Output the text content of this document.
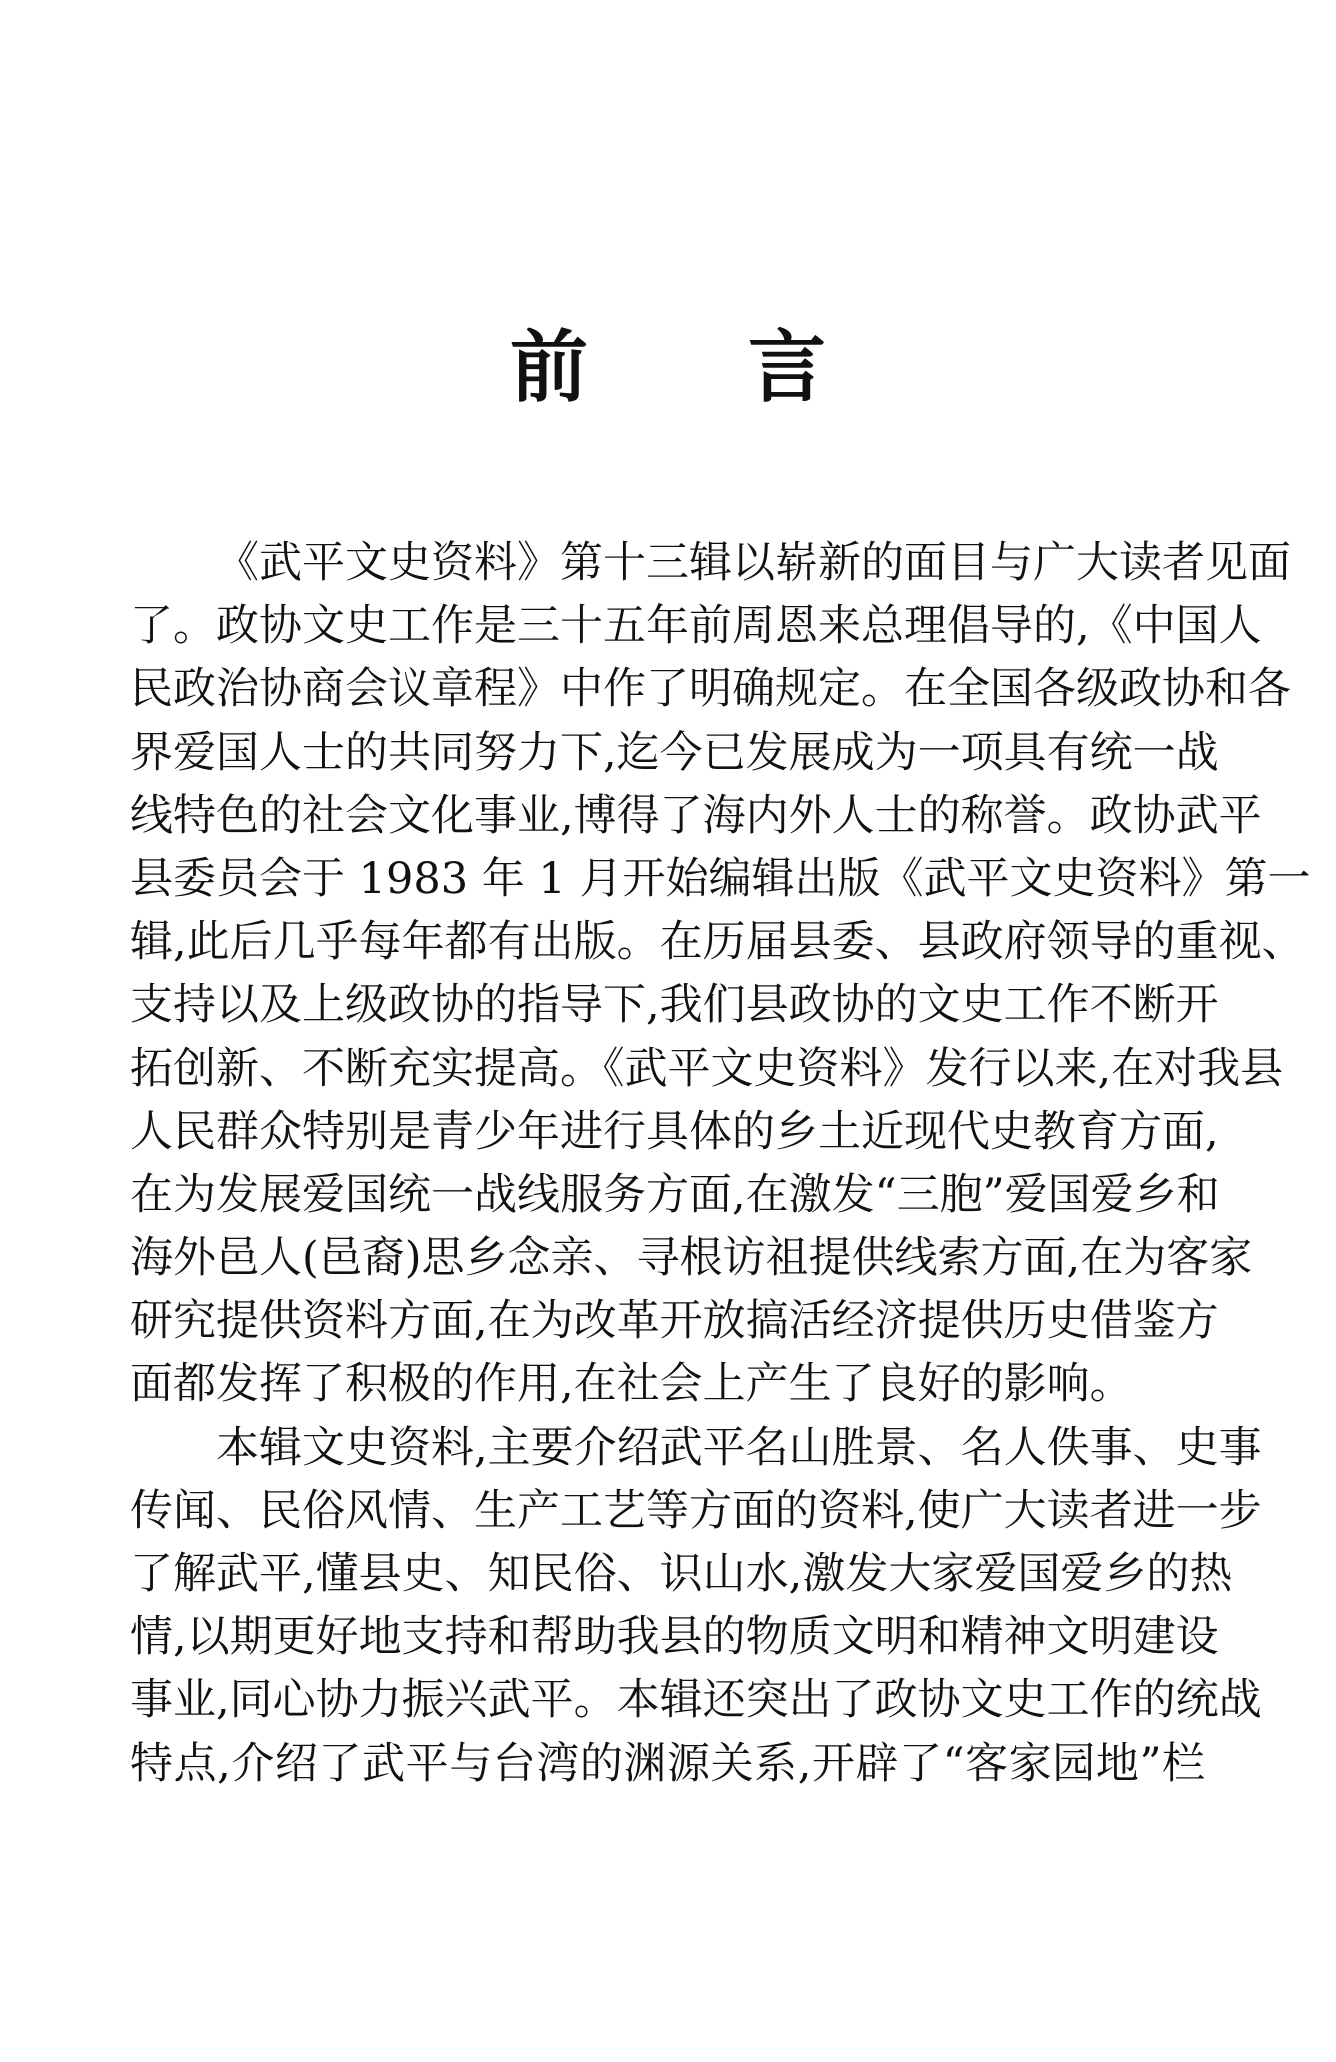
前 言
《武平文史资料》第十三辑以崭新的面目与广大读者见面
了。政协文史工作是三十五年前周恩来总理倡导的,《中国人
民政治协商会议章程》中作了明确规定。在全国各级政协和各
界爱国人士的共同努力下,迄今已发展成为一项具有统一战
线特色的社会文化事业,博得了海内外人士的称誉。政协武平
县委员会于 1983 年 1 月开始编辑出版《武平文史资料》第一
辑,此后几乎每年都有出版。在历届县委、县政府领导的重视、
支持以及上级政协的指导下,我们县政协的文史工作不断开
拓创新、不断充实提高。《武平文史资料》发行以来,在对我县
人民群众特别是青少年进行具体的乡土近现代史教育方面,
在为发展爱国统一战线服务方面,在激发“三胞”爱国爱乡和
海外邑人(邑裔)思乡念亲、寻根访祖提供线索方面,在为客家
研究提供资料方面,在为改革开放搞活经济提供历史借鉴方
面都发挥了积极的作用,在社会上产生了良好的影响。
本辑文史资料,主要介绍武平名山胜景、名人佚事、史事
传闻、民俗风情、生产工艺等方面的资料,使广大读者进一步
了解武平,懂县史、知民俗、识山水,激发大家爱国爱乡的热
情,以期更好地支持和帮助我县的物质文明和精神文明建设
事业,同心协力振兴武平。本辑还突出了政协文史工作的统战
特点,介绍了武平与台湾的渊源关系,开辟了“客家园地”栏
